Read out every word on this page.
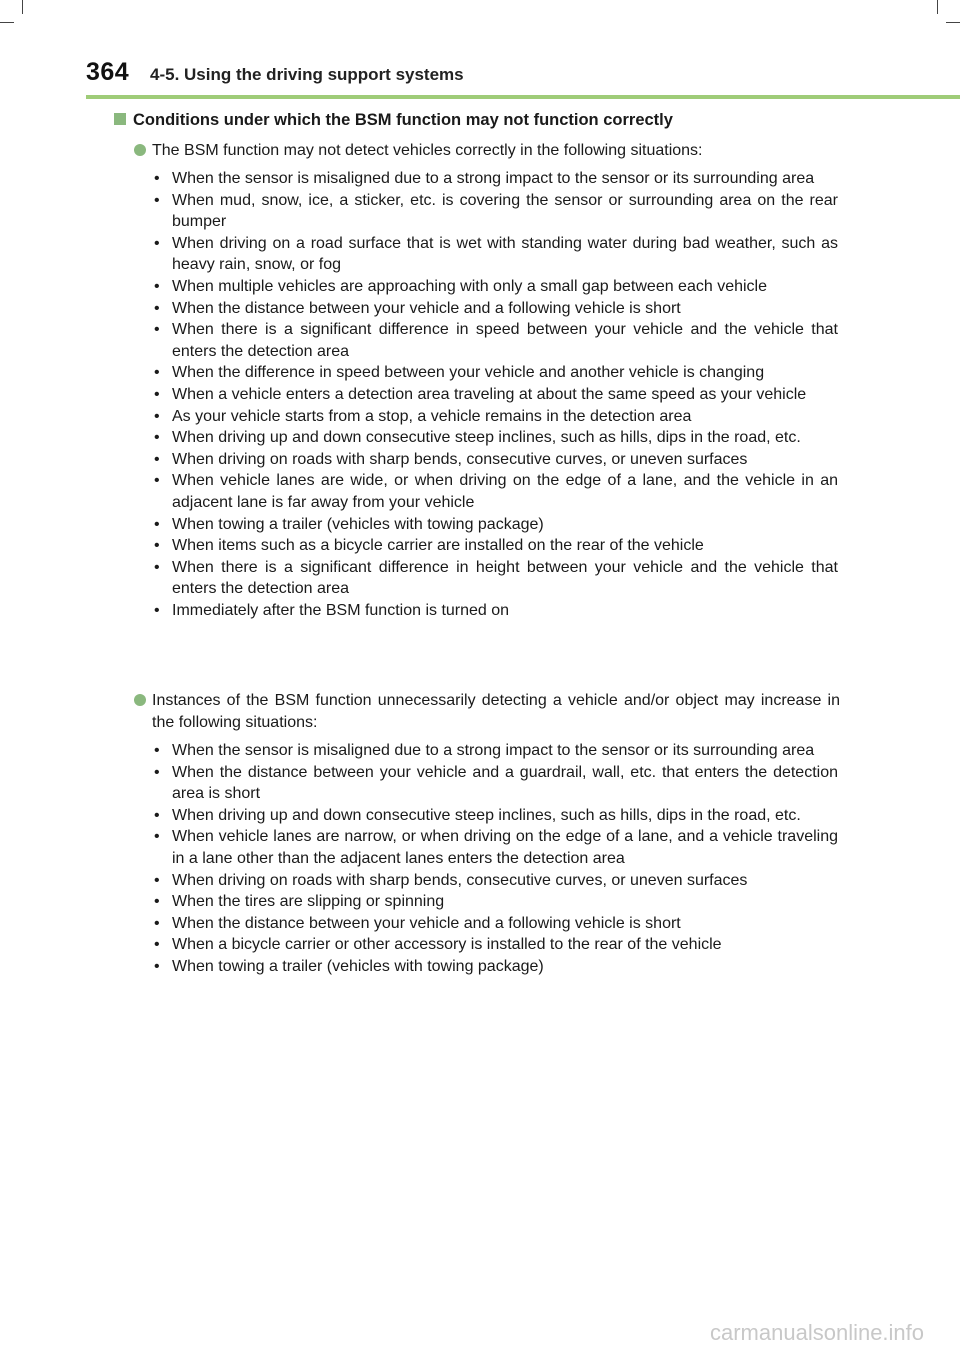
364 4-5. Using the driving support systems
Conditions under which the BSM function may not function correctly
The BSM function may not detect vehicles correctly in the following situations:
• When the sensor is misaligned due to a strong impact to the sensor or its surrounding area
• When mud, snow, ice, a sticker, etc. is covering the sensor or surrounding area on the rear bumper
• When driving on a road surface that is wet with standing water during bad weather, such as heavy rain, snow, or fog
• When multiple vehicles are approaching with only a small gap between each vehicle
• When the distance between your vehicle and a following vehicle is short
• When there is a significant difference in speed between your vehicle and the vehicle that enters the detection area
• When the difference in speed between your vehicle and another vehicle is changing
• When a vehicle enters a detection area traveling at about the same speed as your vehicle
• As your vehicle starts from a stop, a vehicle remains in the detection area
• When driving up and down consecutive steep inclines, such as hills, dips in the road, etc.
• When driving on roads with sharp bends, consecutive curves, or uneven surfaces
• When vehicle lanes are wide, or when driving on the edge of a lane, and the vehicle in an adjacent lane is far away from your vehicle
• When towing a trailer (vehicles with towing package)
• When items such as a bicycle carrier are installed on the rear of the vehicle
• When there is a significant difference in height between your vehicle and the vehicle that enters the detection area
• Immediately after the BSM function is turned on
Instances of the BSM function unnecessarily detecting a vehicle and/or object may increase in the following situations:
• When the sensor is misaligned due to a strong impact to the sensor or its surrounding area
• When the distance between your vehicle and a guardrail, wall, etc. that enters the detection area is short
• When driving up and down consecutive steep inclines, such as hills, dips in the road, etc.
• When vehicle lanes are narrow, or when driving on the edge of a lane, and a vehicle traveling in a lane other than the adjacent lanes enters the detection area
• When driving on roads with sharp bends, consecutive curves, or uneven surfaces
• When the tires are slipping or spinning
• When the distance between your vehicle and a following vehicle is short
• When a bicycle carrier or other accessory is installed to the rear of the vehicle
• When towing a trailer (vehicles with towing package)
carmanualsonline.info
